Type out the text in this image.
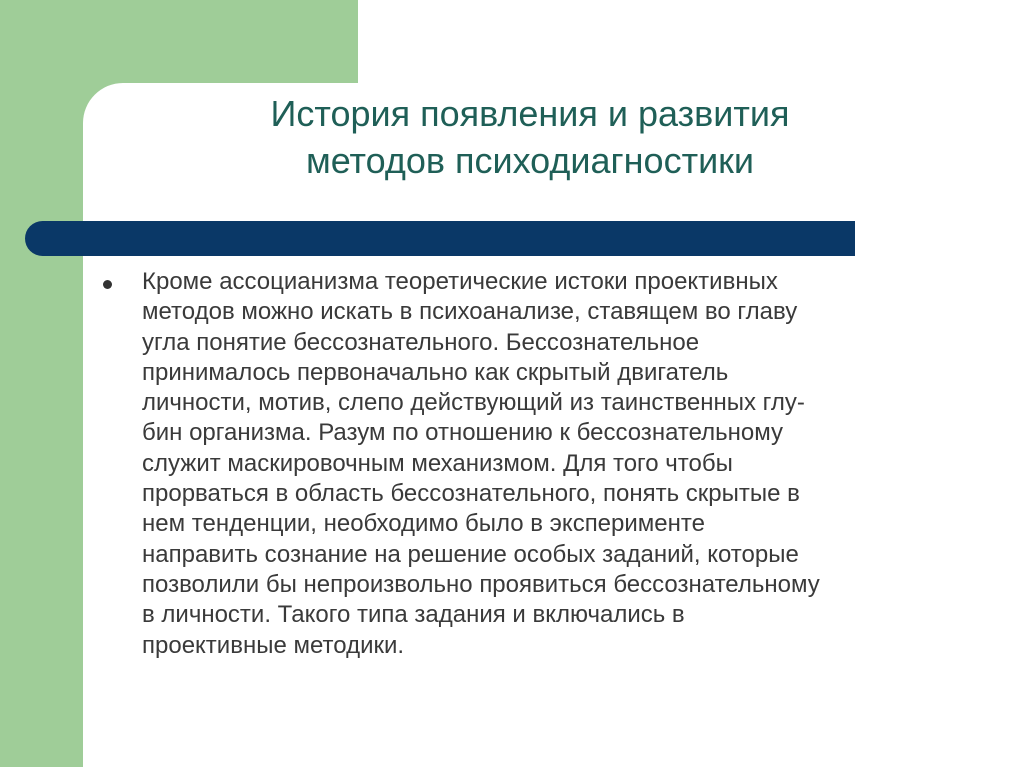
История появления и развития
методов психодиагностики

Кроме ассоцианизма теоретические истоки проективных
методов можно искать в психоанализе, ставящем во главу
угла понятие бессознательного. Бессознательное
принималось первоначально как скрытый двигатель
личности, мотив, слепо действующий из таинственных глу-
бин организма. Разум по отношению к бессознательному
служит маскировочным механизмом. Для того чтобы
прорваться в область бессознательного, понять скрытые в
нем тенденции, необходимо было в эксперименте
направить сознание на решение особых заданий, которые
позволили бы непроизвольно проявиться бессознательному
в личности. Такого типа задания и включались в
проективные методики.
